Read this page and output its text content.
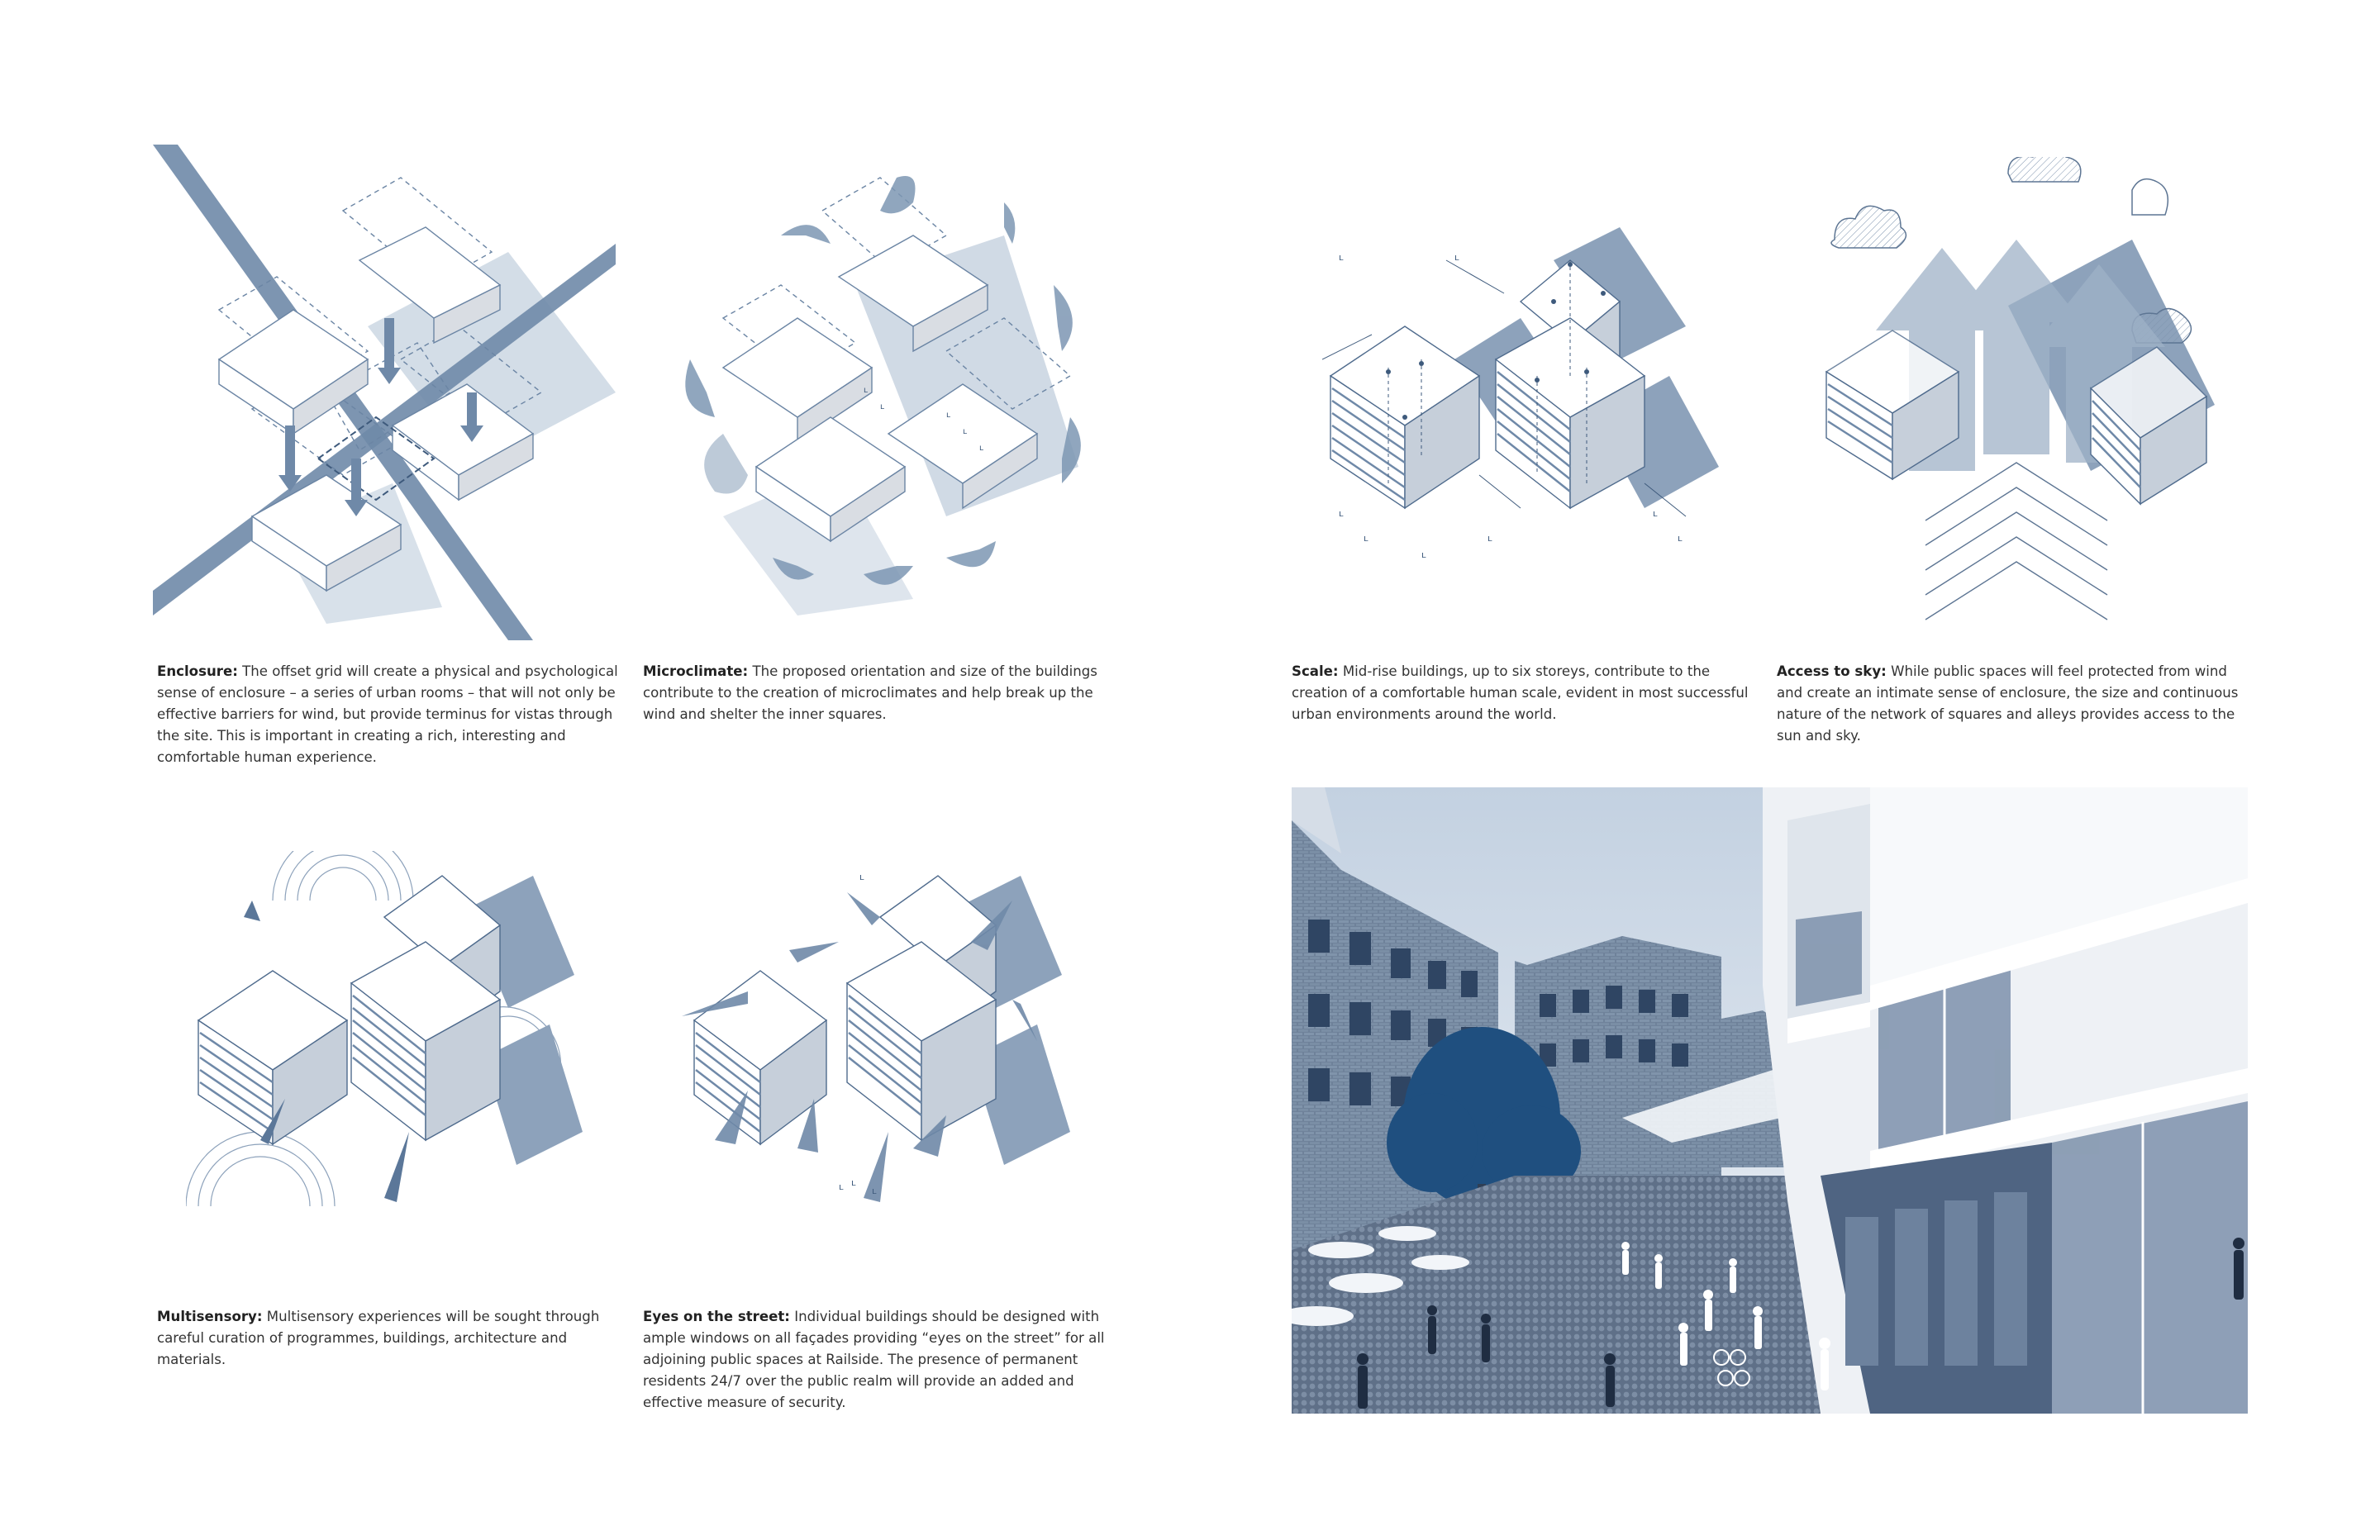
Enclosure: The offset grid will create a physical and psychological sense of enclosure – a series of urban rooms – that will not only be effective barriers for wind, but provide terminus for vistas through the site. This is important in creating a rich, interesting and comfortable human experience.
ʟ
ʟ
ʟ
ʟ
ʟ
Microclimate: The proposed orientation and size of the buildings contribute to the creation of microclimates and help break up the wind and shelter the inner squares.
ʟ
ʟ
ʟ
ʟ
ʟ	ʟ
ʟ
ʟ
Scale: Mid-rise buildings, up to six storeys, contribute to the creation of a comfortable human scale, evident in most successful urban environments around the world.
Access to sky: While public spaces will feel protected from wind and create an intimate sense of enclosure, the size and continuous nature of the network of squares and alleys provides access to the sun and sky.
Multisensory: Multisensory experiences will be sought through careful curation of programmes, buildings, architecture and materials.
ʟ ʟ
ʟ
ʟ
Eyes on the street: Individual buildings should be designed with ample windows on all façades providing “eyes on the street” for all adjoining public spaces at Railside. The presence of permanent residents 24/7 over the public realm will provide an added and effective measure of security.
